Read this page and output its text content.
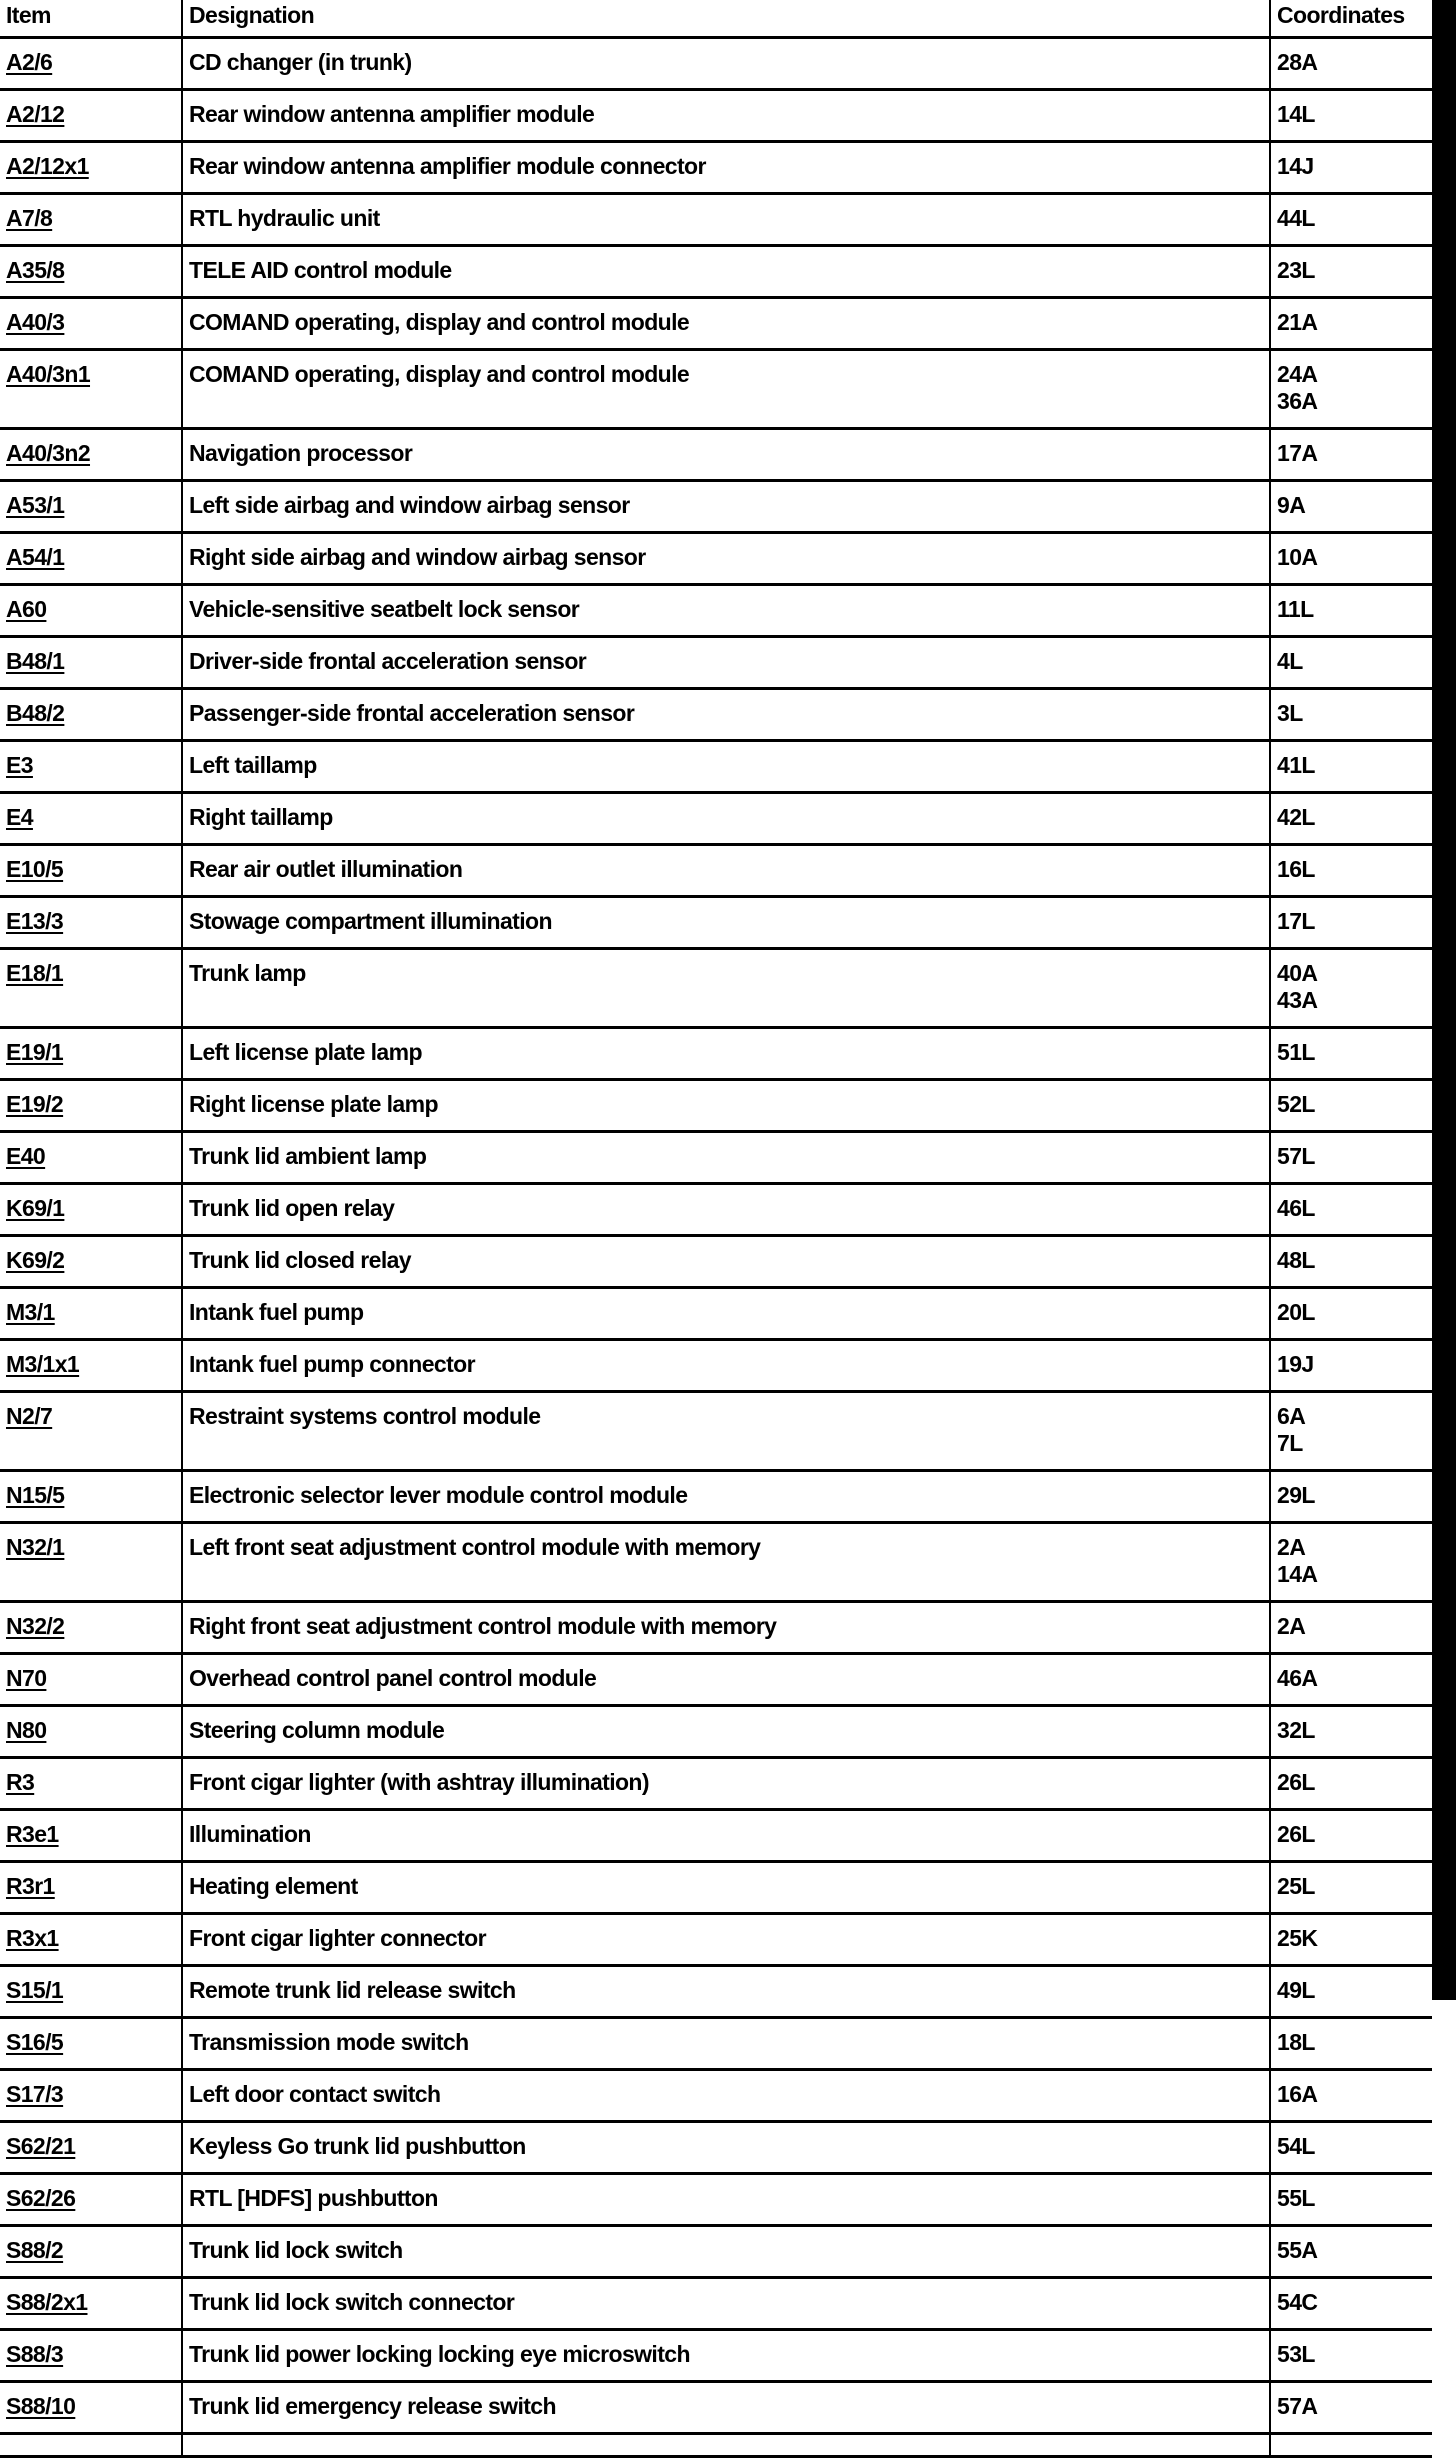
Item	Designation	Coordinates
A2/6	CD changer (in trunk)	28A

A2/12	Rear window antenna amplifier module	14L

A2/12x1	Rear window antenna amplifier module connector	14J

A7/8	RTL hydraulic unit	44L

A35/8	TELE AID control module	23L

A40/3	COMAND operating, display and control module	21A

A40/3n1	COMAND operating, display and control module	24A
36A

A40/3n2	Navigation processor	17A

A53/1	Left side airbag and window airbag sensor	9A

A54/1	Right side airbag and window airbag sensor	10A

A60	Vehicle-sensitive seatbelt lock sensor	11L

B48/1	Driver-side frontal acceleration sensor	4L

B48/2	Passenger-side frontal acceleration sensor	3L

E3	Left taillamp	41L

E4	Right taillamp	42L

E10/5	Rear air outlet illumination	16L

E13/3	Stowage compartment illumination	17L

E18/1	Trunk lamp	40A
43A

E19/1	Left license plate lamp	51L

E19/2	Right license plate lamp	52L

E40	Trunk lid ambient lamp	57L

K69/1	Trunk lid open relay	46L

K69/2	Trunk lid closed relay	48L

M3/1	Intank fuel pump	20L

M3/1x1	Intank fuel pump connector	19J

N2/7	Restraint systems control module	6A
7L

N15/5	Electronic selector lever module control module	29L

N32/1	Left front seat adjustment control module with memory	2A
14A

N32/2	Right front seat adjustment control module with memory	2A

N70	Overhead control panel control module	46A

N80	Steering column module	32L

R3	Front cigar lighter (with ashtray illumination)	26L

R3e1	Illumination	26L

R3r1	Heating element	25L

R3x1	Front cigar lighter connector	25K

S15/1	Remote trunk lid release switch	49L

S16/5	Transmission mode switch	18L

S17/3	Left door contact switch	16A

S62/21	Keyless Go trunk lid pushbutton	54L

S62/26	RTL [HDFS] pushbutton	55L

S88/2	Trunk lid lock switch	55A

S88/2x1	Trunk lid lock switch connector	54C

S88/3	Trunk lid power locking locking eye microswitch	53L

S88/10	Trunk lid emergency release switch	57A
